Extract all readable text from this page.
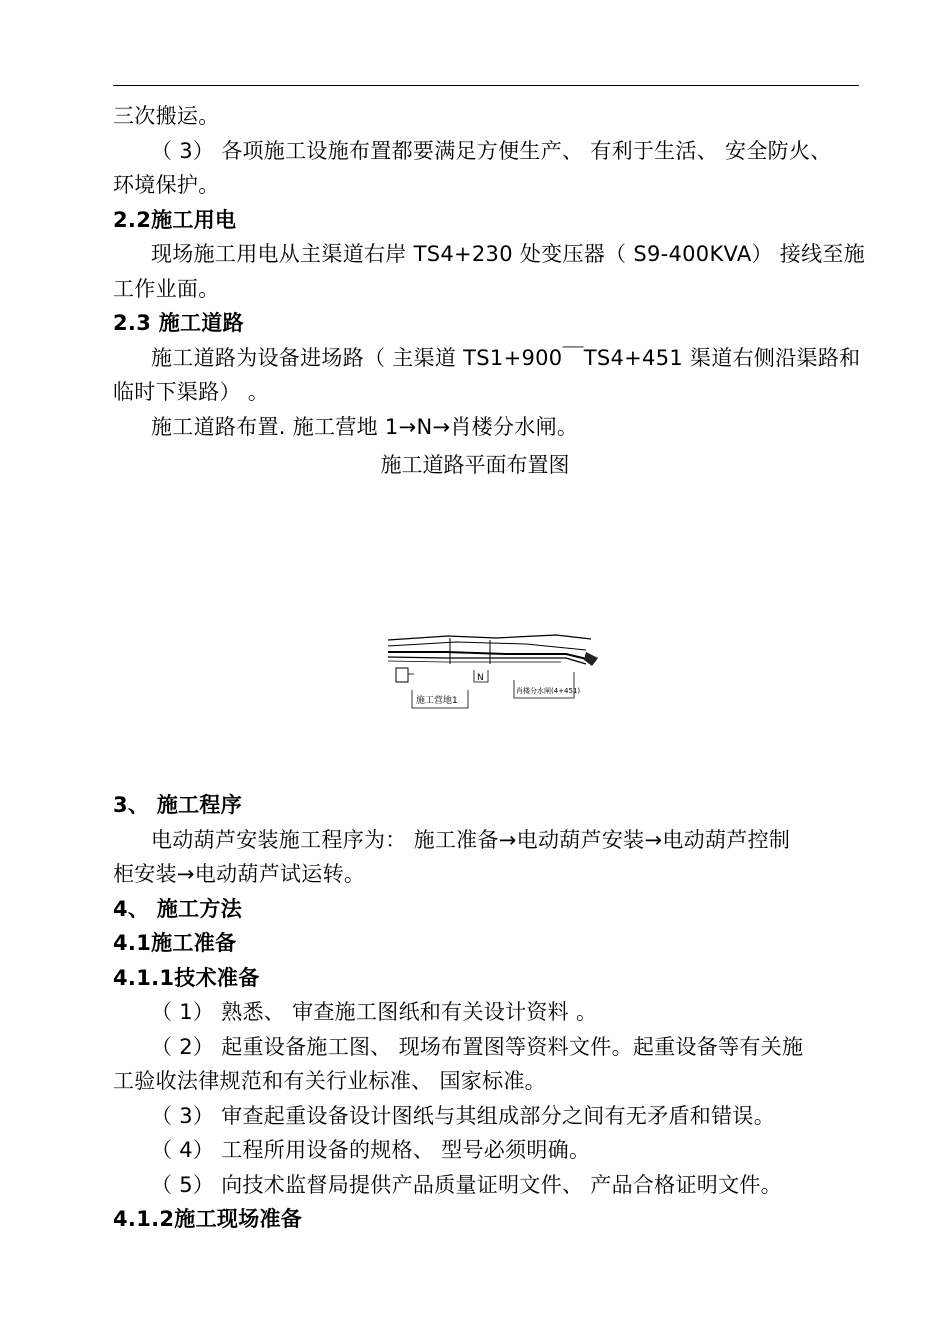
三次搬运。
（ 3） 各项施工设施布置都要满足方便生产、 有利于生活、 安全防火、
环境保护。
2.2施工用电
现场施工用电从主渠道右岸 TS4+230 处变压器（ S9-400KVA） 接线至施
工作业面。
2.3 施工道路
施工道路为设备进场路（ 主渠道 TS1+900￣TS4+451 渠道右侧沿渠路和
临时下渠路） 。
施工道路布置. 施工营地 1→N→肖楼分水闸。
施工道路平面布置图
施工营地1
N
肖楼分水闸(4+451)
3、 施工程序
电动葫芦安装施工程序为： 施工准备→电动葫芦安装→电动葫芦控制
柜安装→电动葫芦试运转。
4、 施工方法
4.1施工准备
4.1.1技术准备
（ 1） 熟悉、 审查施工图纸和有关设计资料 。
（ 2） 起重设备施工图、 现场布置图等资料文件。起重设备等有关施
工验收法律规范和有关行业标准、 国家标准。
（ 3） 审查起重设备设计图纸与其组成部分之间有无矛盾和错误。
（ 4） 工程所用设备的规格、 型号必须明确。
（ 5） 向技术监督局提供产品质量证明文件、 产品合格证明文件。
4.1.2施工现场准备
